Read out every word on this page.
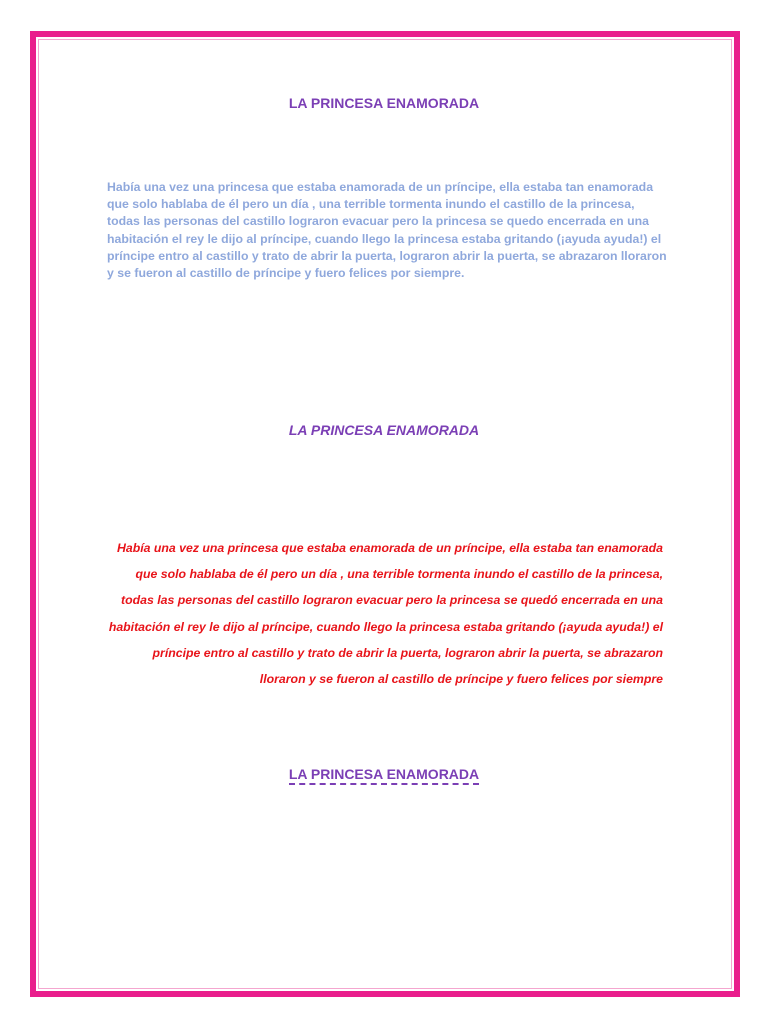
LA PRINCESA ENAMORADA
Había una vez una princesa que estaba enamorada de un príncipe, ella estaba tan enamorada que solo hablaba de él pero un día , una terrible tormenta inundo el castillo de la princesa, todas las personas del castillo lograron evacuar pero la princesa se quedo encerrada en una habitación el rey le dijo al príncipe, cuando llego la princesa estaba gritando (¡ayuda ayuda!) el príncipe entro al castillo y trato de abrir la puerta, lograron abrir la puerta, se abrazaron lloraron y se fueron al castillo de príncipe y fuero felices por siempre.
LA PRINCESA ENAMORADA
Había una vez una princesa que estaba enamorada de un príncipe, ella estaba tan enamorada que solo hablaba de él pero un día , una terrible tormenta inundo el castillo de la princesa, todas las personas del castillo lograron evacuar pero la princesa se quedó encerrada en una habitación el rey le dijo al príncipe, cuando llego la princesa estaba gritando (¡ayuda ayuda!) el príncipe entro al castillo y trato de abrir la puerta, lograron abrir la puerta, se abrazaron lloraron y se fueron al castillo de príncipe y fuero felices por siempre
LA PRINCESA ENAMORADA
